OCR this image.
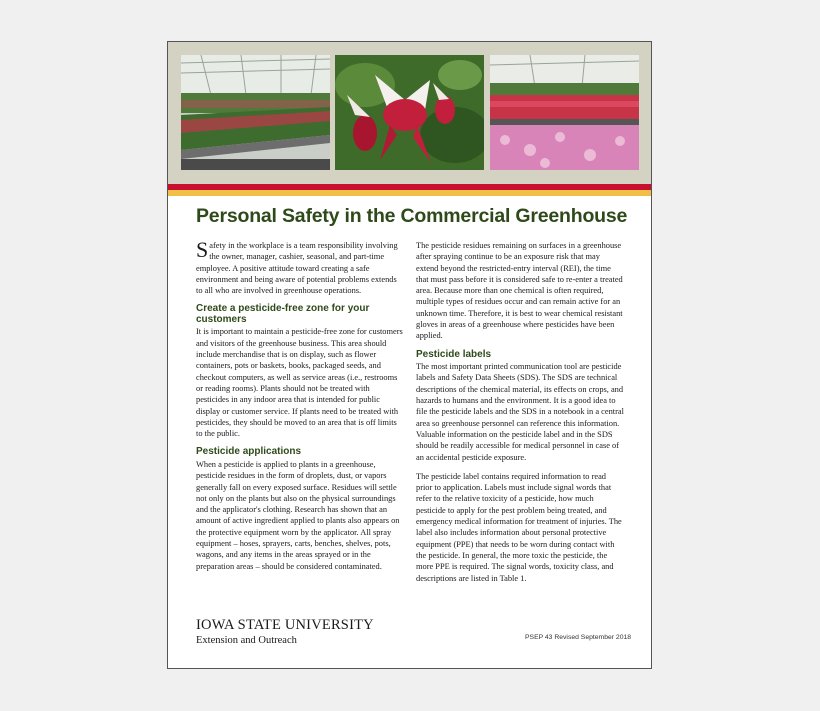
Personal Safety in the Commercial Greenhouse

Safety in the workplace is a team responsibility involving the owner, manager, cashier, seasonal, and part-time employee. A positive attitude toward creating a safe environment and being aware of potential problems extends to all who are involved in greenhouse operations.

Create a pesticide-free zone for your customers

It is important to maintain a pesticide-free zone for customers and visitors of the greenhouse business. This area should include merchandise that is on display, such as flower containers, pots or baskets, books, packaged seeds, and checkout computers, as well as service areas (i.e., restrooms or reading rooms). Plants should not be treated with pesticides in any indoor area that is intended for public display or customer service. If plants need to be treated with pesticides, they should be moved to an area that is off limits to the public.

Pesticide applications

When a pesticide is applied to plants in a greenhouse, pesticide residues in the form of droplets, dust, or vapors generally fall on every exposed surface. Residues will settle not only on the plants but also on the physical surroundings and the applicator's clothing. Research has shown that an amount of active ingredient applied to plants also appears on the protective equipment worn by the applicator. All spray equipment – hoses, sprayers, carts, benches, shelves, pots, wagons, and any items in the areas sprayed or in the preparation areas – should be considered contaminated.

The pesticide residues remaining on surfaces in a greenhouse after spraying continue to be an exposure risk that may extend beyond the restricted-entry interval (REI), the time that must pass before it is considered safe to re-enter a treated area. Because more than one chemical is often required, multiple types of residues occur and can remain active for an unknown time. Therefore, it is best to wear chemical resistant gloves in areas of a greenhouse where pesticides have been applied.

Pesticide labels

The most important printed communication tool are pesticide labels and Safety Data Sheets (SDS). The SDS are technical descriptions of the chemical material, its effects on crops, and hazards to humans and the environment. It is a good idea to file the pesticide labels and the SDS in a notebook in a central area so greenhouse personnel can reference this information. Valuable information on the pesticide label and in the SDS should be readily accessible for medical personnel in case of an accidental pesticide exposure.

The pesticide label contains required information to read prior to application. Labels must include signal words that refer to the relative toxicity of a pesticide, how much pesticide to apply for the pest problem being treated, and emergency medical information for treatment of injuries. The label also includes information about personal protective equipment (PPE) that needs to be worn during contact with the pesticide. In general, the more toxic the pesticide, the more PPE is required. The signal words, toxicity class, and descriptions are listed in Table 1.

IOWA STATE UNIVERSITY
Extension and Outreach	PSEP 43 Revised September 2018
